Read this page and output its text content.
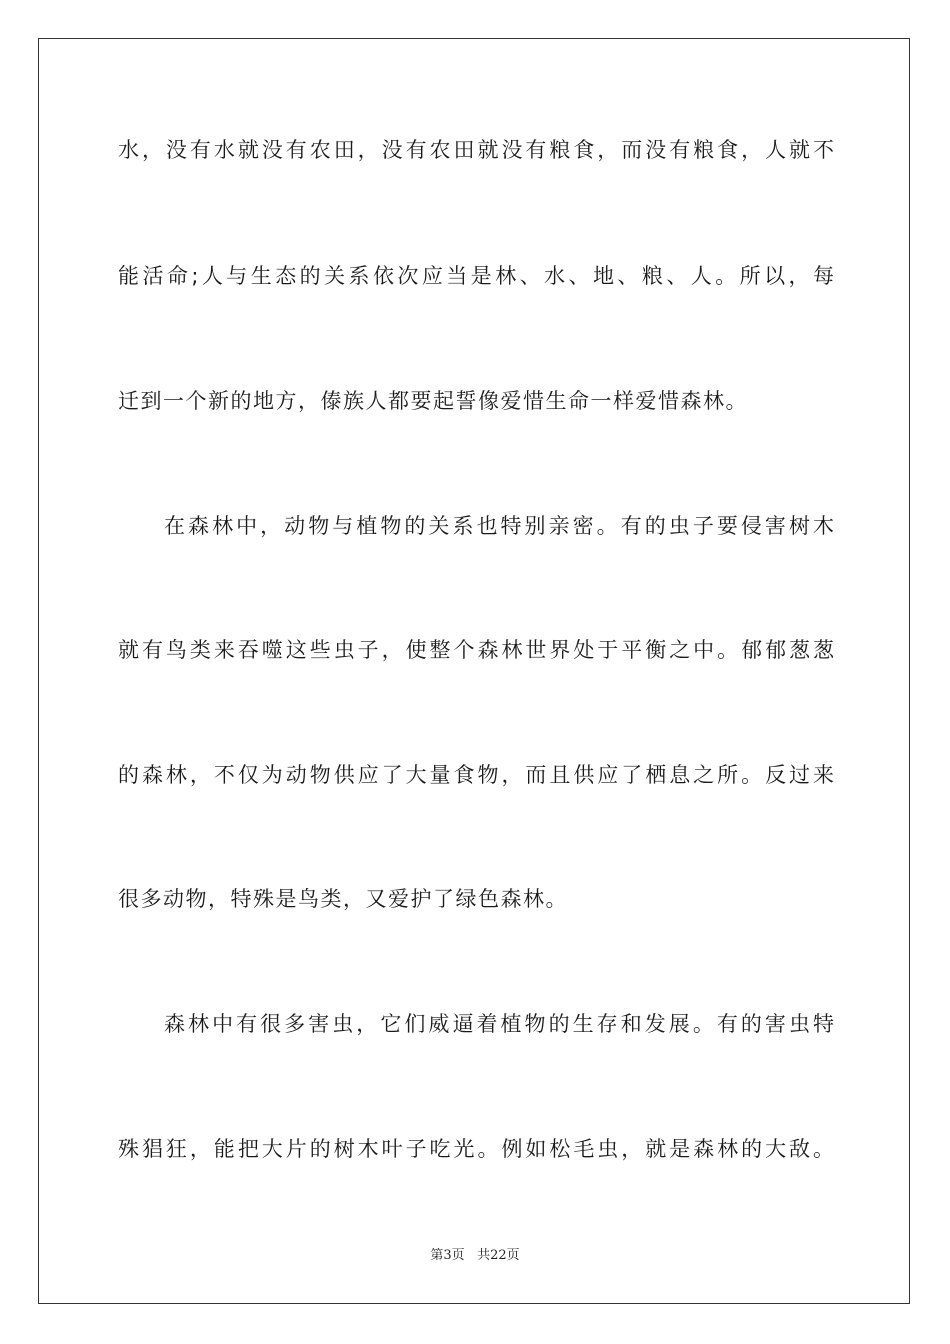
水，没有水就没有农田，没有农田就没有粮食，而没有粮食，人就不
能活命;人与生态的关系依次应当是林、水、地、粮、人。所以，每
迁到一个新的地方，傣族人都要起誓像爱惜生命一样爱惜森林。
在森林中，动物与植物的关系也特别亲密。有的虫子要侵害树木
就有鸟类来吞噬这些虫子，使整个森林世界处于平衡之中。郁郁葱葱
的森林，不仅为动物供应了大量食物，而且供应了栖息之所。反过来
很多动物，特殊是鸟类，又爱护了绿色森林。
森林中有很多害虫，它们威逼着植物的生存和发展。有的害虫特
殊猖狂，能把大片的树木叶子吃光。例如松毛虫，就是森林的大敌。
第3页 共22页
